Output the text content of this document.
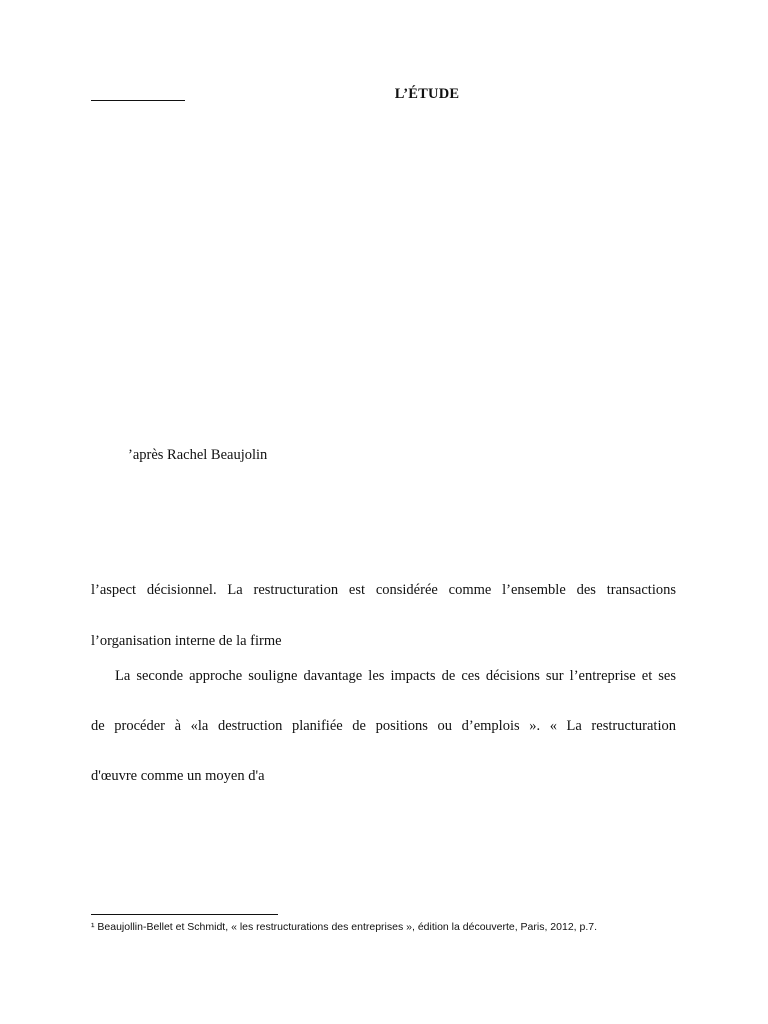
L’ÉTUDE
’après Rachel Beaujolin
l’aspect décisionnel. La restructuration est considérée comme l’ensemble des transactions
l’organisation interne de la firme
La seconde approche souligne davantage les impacts de ces décisions sur l’entreprise et ses
de procéder à «la destruction planifiée de positions ou d’emplois ». « La restructuration
d'œuvre comme un moyen d'a
¹ Beaujollin-Bellet et Schmidt, « les restructurations des entreprises », édition la découverte, Paris, 2012, p.7.
